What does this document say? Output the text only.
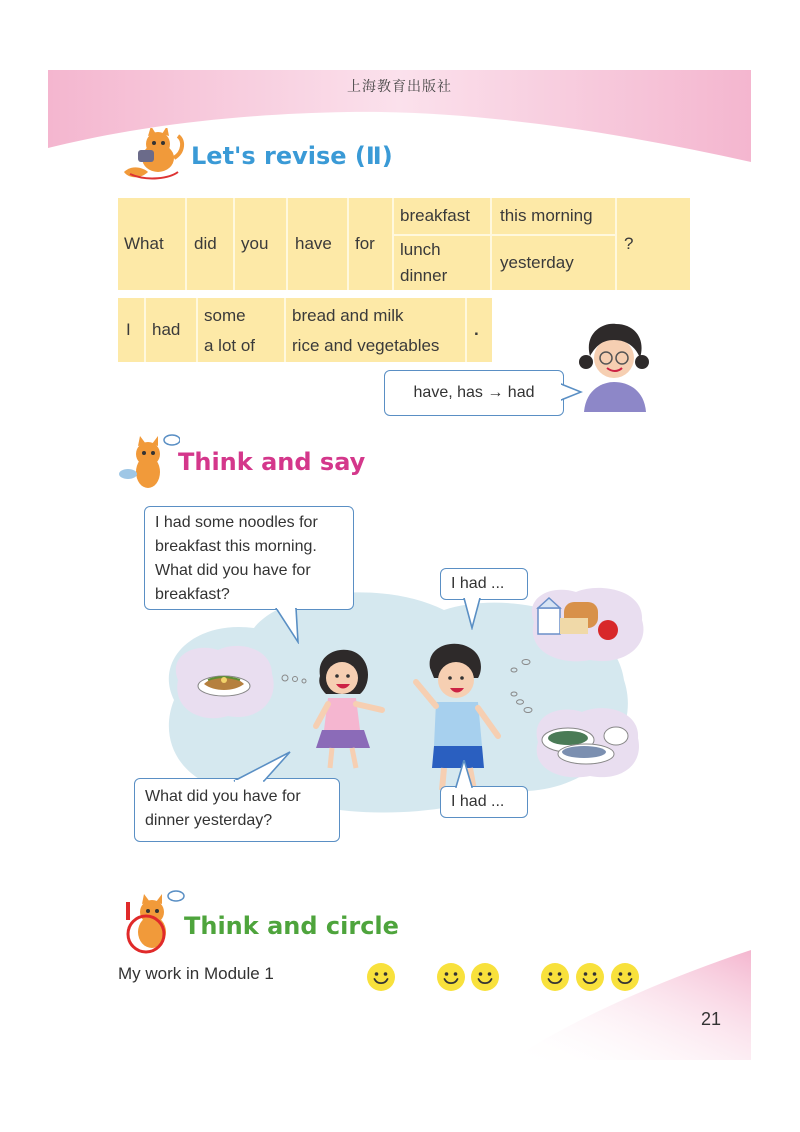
上海教育出版社
Let's revise (Ⅱ)
What did you have for
breakfast
lunch
dinner
this morning
yesterday
?
I had
some
a lot of
bread and milk
rice and vegetables
.
have, has → had
Think and say
I had some noodles for
breakfast this morning.
What did you have for
breakfast?
I had ...
What did you have for
dinner yesterday?
I had ...
Think and circle
My work in Module 1
21
